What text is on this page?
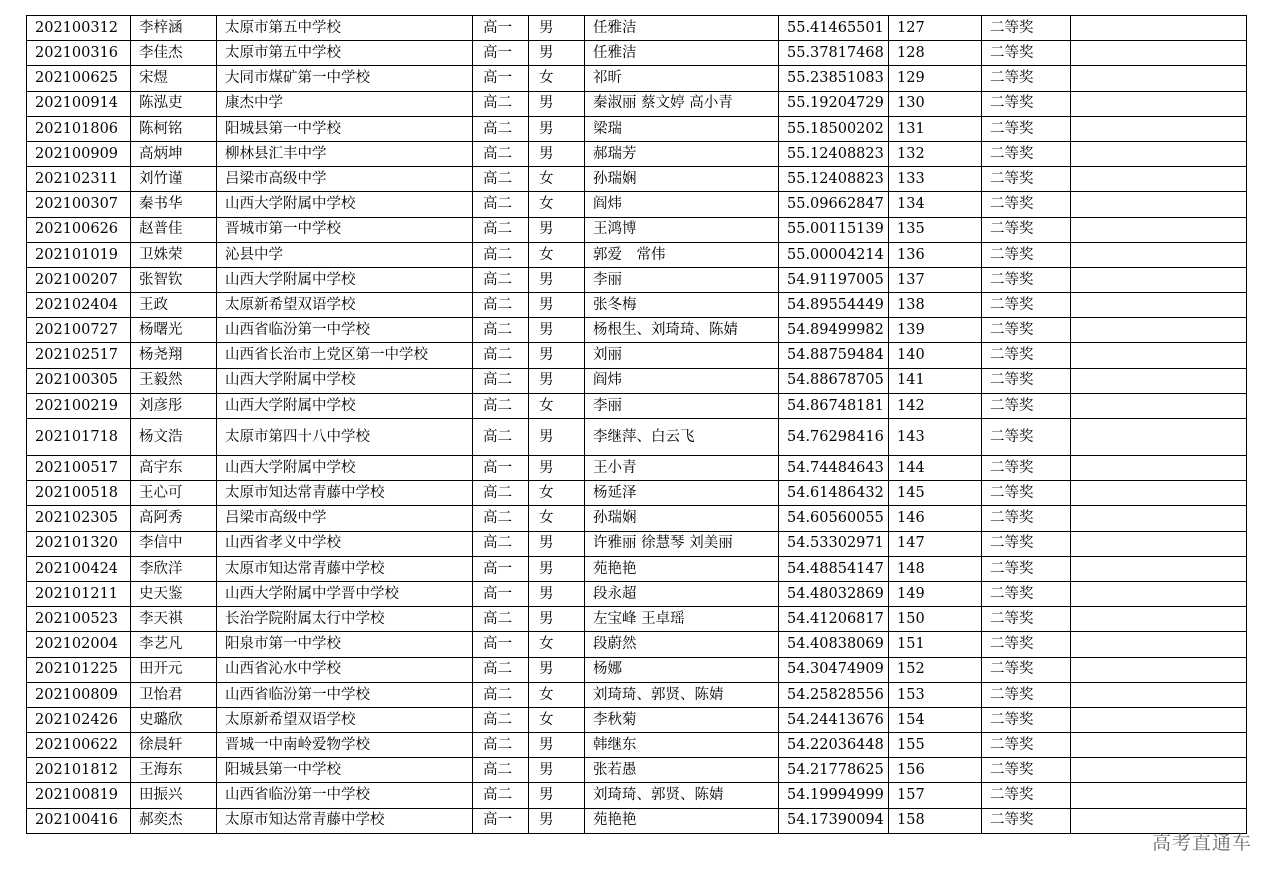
202100312	李梓涵	太原市第五中学校	高一	男	任雅洁	55.41465501	127	二等奖	
202100316	李佳杰	太原市第五中学校	高一	男	任雅洁	55.37817468	128	二等奖	
202100625	宋煜	大同市煤矿第一中学校	高一	女	祁昕	55.23851083	129	二等奖	
202100914	陈泓吏	康杰中学	高二	男	秦淑丽 蔡文婷 高小青	55.19204729	130	二等奖	
202101806	陈柯铭	阳城县第一中学校	高二	男	梁瑞	55.18500202	131	二等奖	
202100909	高炳坤	柳林县汇丰中学	高二	男	郝瑞芳	55.12408823	132	二等奖	
202102311	刘竹谨	吕梁市高级中学	高二	女	孙瑞娴	55.12408823	133	二等奖	
202100307	秦书华	山西大学附属中学校	高二	女	阎炜	55.09662847	134	二等奖	
202100626	赵普佳	晋城市第一中学校	高二	男	王鸿博	55.00115139	135	二等奖	
202101019	卫姝荣	沁县中学	高二	女	郭爱　常伟	55.00004214	136	二等奖	
202100207	张智钦	山西大学附属中学校	高二	男	李丽	54.91197005	137	二等奖	
202102404	王政	太原新希望双语学校	高二	男	张冬梅	54.89554449	138	二等奖	
202100727	杨曙光	山西省临汾第一中学校	高二	男	杨根生、刘琦琦、陈婧	54.89499982	139	二等奖	
202102517	杨尧翔	山西省长治市上党区第一中学校	高二	男	刘丽	54.88759484	140	二等奖	
202100305	王毅然	山西大学附属中学校	高二	男	阎炜	54.88678705	141	二等奖	
202100219	刘彦彤	山西大学附属中学校	高二	女	李丽	54.86748181	142	二等奖	
202101718	杨文浩	太原市第四十八中学校	高二	男	李继萍、白云飞	54.76298416	143	二等奖	
202100517	高宇东	山西大学附属中学校	高一	男	王小青	54.74484643	144	二等奖	
202100518	王心可	太原市知达常青藤中学校	高二	女	杨延泽	54.61486432	145	二等奖	
202102305	高阿秀	吕梁市高级中学	高二	女	孙瑞娴	54.60560055	146	二等奖	
202101320	李信中	山西省孝义中学校	高二	男	许雅丽 徐慧琴 刘美丽	54.53302971	147	二等奖	
202100424	李欣洋	太原市知达常青藤中学校	高一	男	苑艳艳	54.48854147	148	二等奖	
202101211	史天鉴	山西大学附属中学晋中学校	高一	男	段永超	54.48032869	149	二等奖	
202100523	李天祺	长治学院附属太行中学校	高二	男	左宝峰 王卓瑶	54.41206817	150	二等奖	
202102004	李艺凡	阳泉市第一中学校	高一	女	段蔚然	54.40838069	151	二等奖	
202101225	田开元	山西省沁水中学校	高二	男	杨娜	54.30474909	152	二等奖	
202100809	卫怡君	山西省临汾第一中学校	高二	女	刘琦琦、郭贤、陈婧	54.25828556	153	二等奖	
202102426	史璐欣	太原新希望双语学校	高二	女	李秋菊	54.24413676	154	二等奖	
202100622	徐晨轩	晋城一中南岭爱物学校	高二	男	韩继东	54.22036448	155	二等奖	
202101812	王海东	阳城县第一中学校	高二	男	张若愚	54.21778625	156	二等奖	
202100819	田振兴	山西省临汾第一中学校	高二	男	刘琦琦、郭贤、陈婧	54.19994999	157	二等奖	
202100416	郝奕杰	太原市知达常青藤中学校	高一	男	苑艳艳	54.17390094	158	二等奖	
高考直通车
